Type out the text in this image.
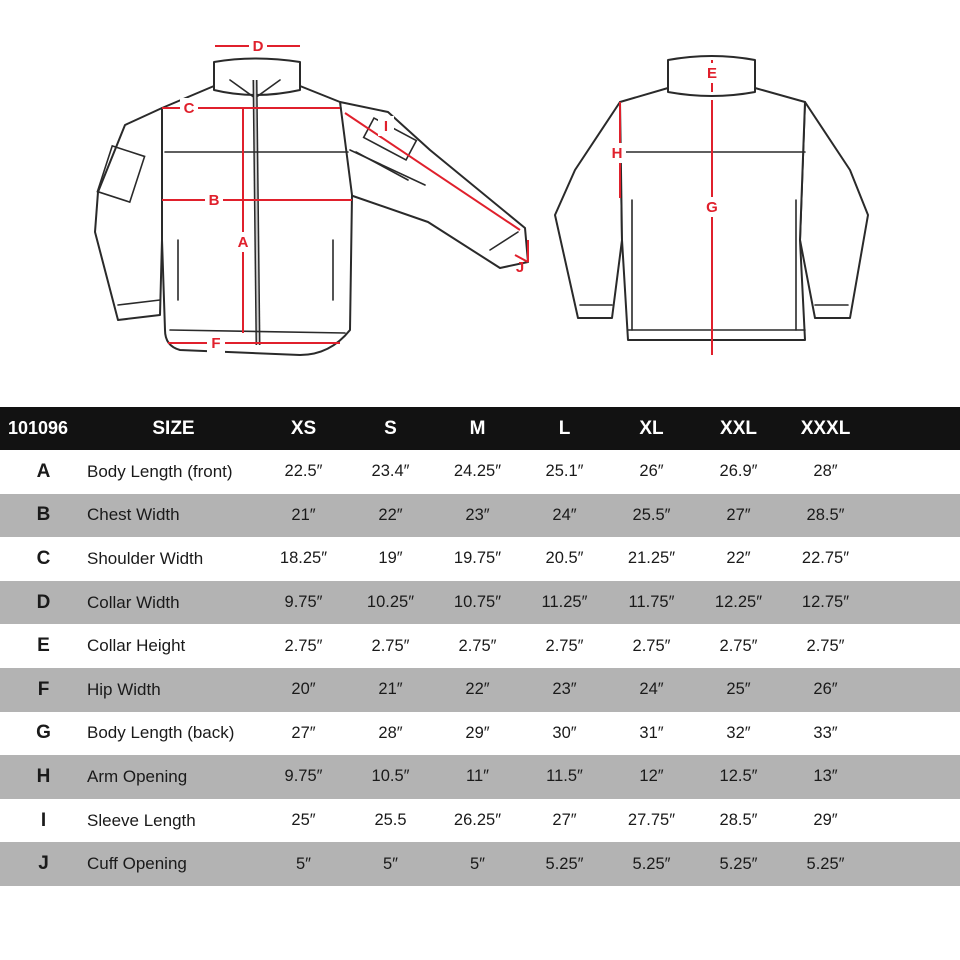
D
C
B
A
F
I
J
E
G
H
101096	SIZE	XS	S	M	L	XL	XXL	XXXL
A	Body Length (front)	22.5″	23.4″	24.25″	25.1″	26″	26.9″	28″
B	Chest Width	21″	22″	23″	24″	25.5″	27″	28.5″
C	Shoulder Width	18.25″	19″	19.75″	20.5″	21.25″	22″	22.75″
D	Collar Width	9.75″	10.25″	10.75″	11.25″	11.75″	12.25″	12.75″
E	Collar Height	2.75″	2.75″	2.75″	2.75″	2.75″	2.75″	2.75″
F	Hip Width	20″	21″	22″	23″	24″	25″	26″
G	Body Length (back)	27″	28″	29″	30″	31″	32″	33″
H	Arm Opening	9.75″	10.5″	11″	11.5″	12″	12.5″	13″
I	Sleeve Length	25″	25.5	26.25″	27″	27.75″	28.5″	29″
J	Cuff Opening	5″	5″	5″	5.25″	5.25″	5.25″	5.25″
